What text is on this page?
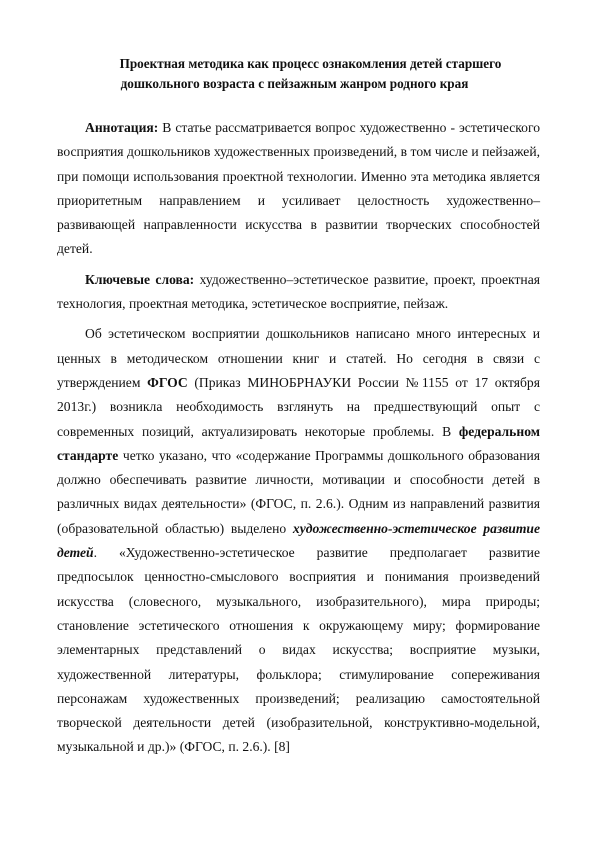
Проектная методика как процесс ознакомления детей старшего
дошкольного возраста с пейзажным жанром родного края

Аннотация: В статье рассматривается вопрос художественно - эстетического восприятия дошкольников художественных произведений, в том числе и пейзажей, при помощи использования проектной технологии. Именно эта методика является приоритетным направлением и усиливает целостность художественно–развивающей направленности искусства в развитии творческих способностей детей.

Ключевые слова: художественно–эстетическое развитие, проект, проектная технология, проектная методика, эстетическое восприятие, пейзаж.

Об эстетическом восприятии дошкольников написано много интересных и ценных в методическом отношении книг и статей. Но сегодня в связи с утверждением ФГОС (Приказ МИНОБРНАУКИ России №1155 от 17 октября 2013г.) возникла необходимость взглянуть на предшествующий опыт с современных позиций, актуализировать некоторые проблемы. В федеральном стандарте четко указано, что «содержание Программы дошкольного образования должно обеспечивать развитие личности, мотивации и способности детей в различных видах деятельности» (ФГОС, п. 2.6.). Одним из направлений развития (образовательной областью) выделено художественно-эстетическое развитие детей. «Художественно-эстетическое развитие предполагает развитие предпосылок ценностно-смыслового восприятия и понимания произведений искусства (словесного, музыкального, изобразительного), мира природы; становление эстетического отношения к окружающему миру; формирование элементарных представлений о видах искусства; восприятие музыки, художественной литературы, фольклора; стимулирование сопереживания персонажам художественных произведений; реализацию самостоятельной творческой деятельности детей (изобразительной, конструктивно-модельной, музыкальной и др.)» (ФГОС, п. 2.6.). [8]
